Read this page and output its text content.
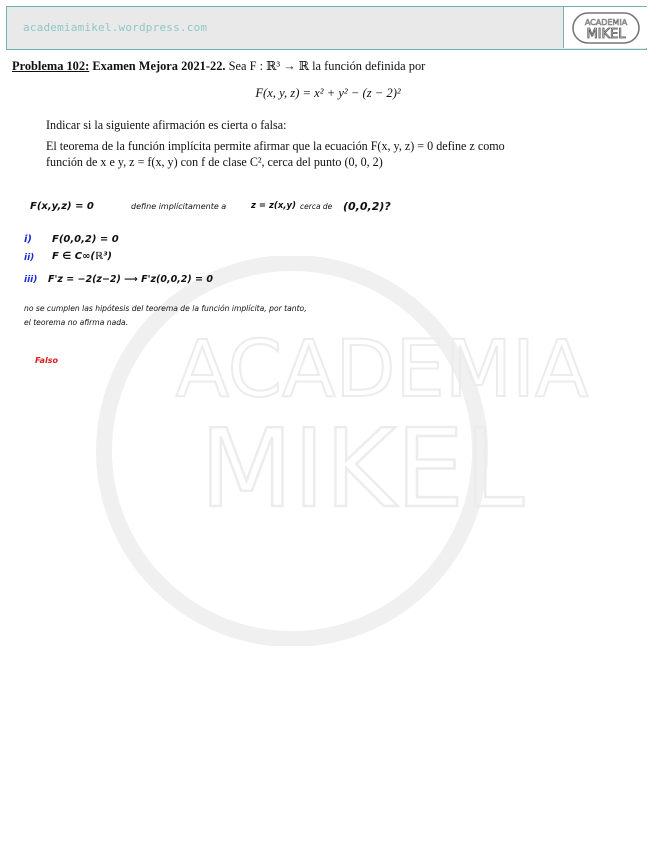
academiamikel.wordpress.com	ACADEMIA
MIKEL
ACADEMIA
MIKEL
Problema 102: Examen Mejora 2021-22. Sea F : ℝ³ → ℝ la función definida por
F(x, y, z) = x² + y² − (z − 2)²
Indicar si la siguiente afirmación es cierta o falsa:
El teorema de la función implícita permite afirmar que la ecuación F(x, y, z) = 0 define z como
función de x e y, z = f(x, y) con f de clase C², cerca del punto (0, 0, 2)
F(x,y,z) = 0	define implícitamente a	z = z(x,y) cerca de (0,0,2)?
i) F(0,0,2) = 0
ii) F ∈ C∞(ℝ³)
iii) F'z = −2(z−2) ⟶ F'z(0,0,2) = 0
no se cumplen las hipótesis del teorema de la función implícita, por tanto,
el teorema no afirma nada.
Falso
